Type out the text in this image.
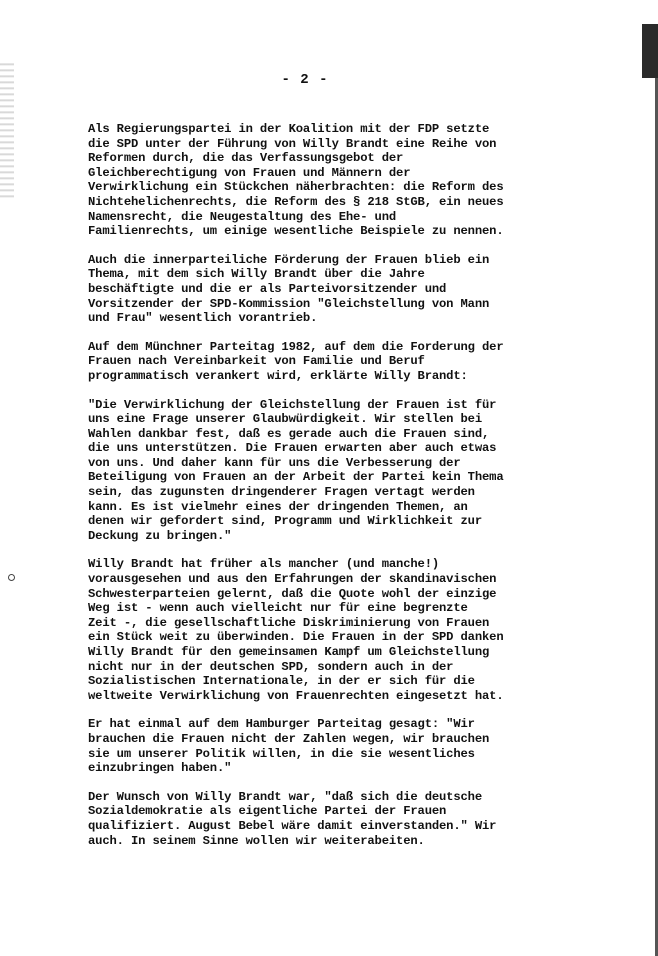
- 2 -
Als Regierungspartei in der Koalition mit der FDP setzte
die SPD unter der Führung von Willy Brandt eine Reihe von
Reformen durch, die das Verfassungsgebot der
Gleichberechtigung von Frauen und Männern der
Verwirklichung ein Stückchen näherbrachten: die Reform des
Nichtehelichenrechts, die Reform des § 218 StGB, ein neues
Namensrecht, die Neugestaltung des Ehe- und
Familienrechts, um einige wesentliche Beispiele zu nennen.
Auch die innerparteiliche Förderung der Frauen blieb ein
Thema, mit dem sich Willy Brandt über die Jahre
beschäftigte und die er als Parteivorsitzender und
Vorsitzender der SPD-Kommission "Gleichstellung von Mann
und Frau" wesentlich vorantrieb.
Auf dem Münchner Parteitag 1982, auf dem die Forderung der
Frauen nach Vereinbarkeit von Familie und Beruf
programmatisch verankert wird, erklärte Willy Brandt:
"Die Verwirklichung der Gleichstellung der Frauen ist für
uns eine Frage unserer Glaubwürdigkeit. Wir stellen bei
Wahlen dankbar fest, daß es gerade auch die Frauen sind,
die uns unterstützen. Die Frauen erwarten aber auch etwas
von uns. Und daher kann für uns die Verbesserung der
Beteiligung von Frauen an der Arbeit der Partei kein Thema
sein, das zugunsten dringenderer Fragen vertagt werden
kann. Es ist vielmehr eines der dringenden Themen, an
denen wir gefordert sind, Programm und Wirklichkeit zur
Deckung zu bringen."
Willy Brandt hat früher als mancher (und manche!)
vorausgesehen und aus den Erfahrungen der skandinavischen
Schwesterparteien gelernt, daß die Quote wohl der einzige
Weg ist - wenn auch vielleicht nur für eine begrenzte
Zeit -, die gesellschaftliche Diskriminierung von Frauen
ein Stück weit zu überwinden. Die Frauen in der SPD danken
Willy Brandt für den gemeinsamen Kampf um Gleichstellung
nicht nur in der deutschen SPD, sondern auch in der
Sozialistischen Internationale, in der er sich für die
weltweite Verwirklichung von Frauenrechten eingesetzt hat.
Er hat einmal auf dem Hamburger Parteitag gesagt: "Wir
brauchen die Frauen nicht der Zahlen wegen, wir brauchen
sie um unserer Politik willen, in die sie wesentliches
einzubringen haben."
Der Wunsch von Willy Brandt war, "daß sich die deutsche
Sozialdemokratie als eigentliche Partei der Frauen
qualifiziert. August Bebel wäre damit einverstanden." Wir
auch. In seinem Sinne wollen wir weiterabeiten.
